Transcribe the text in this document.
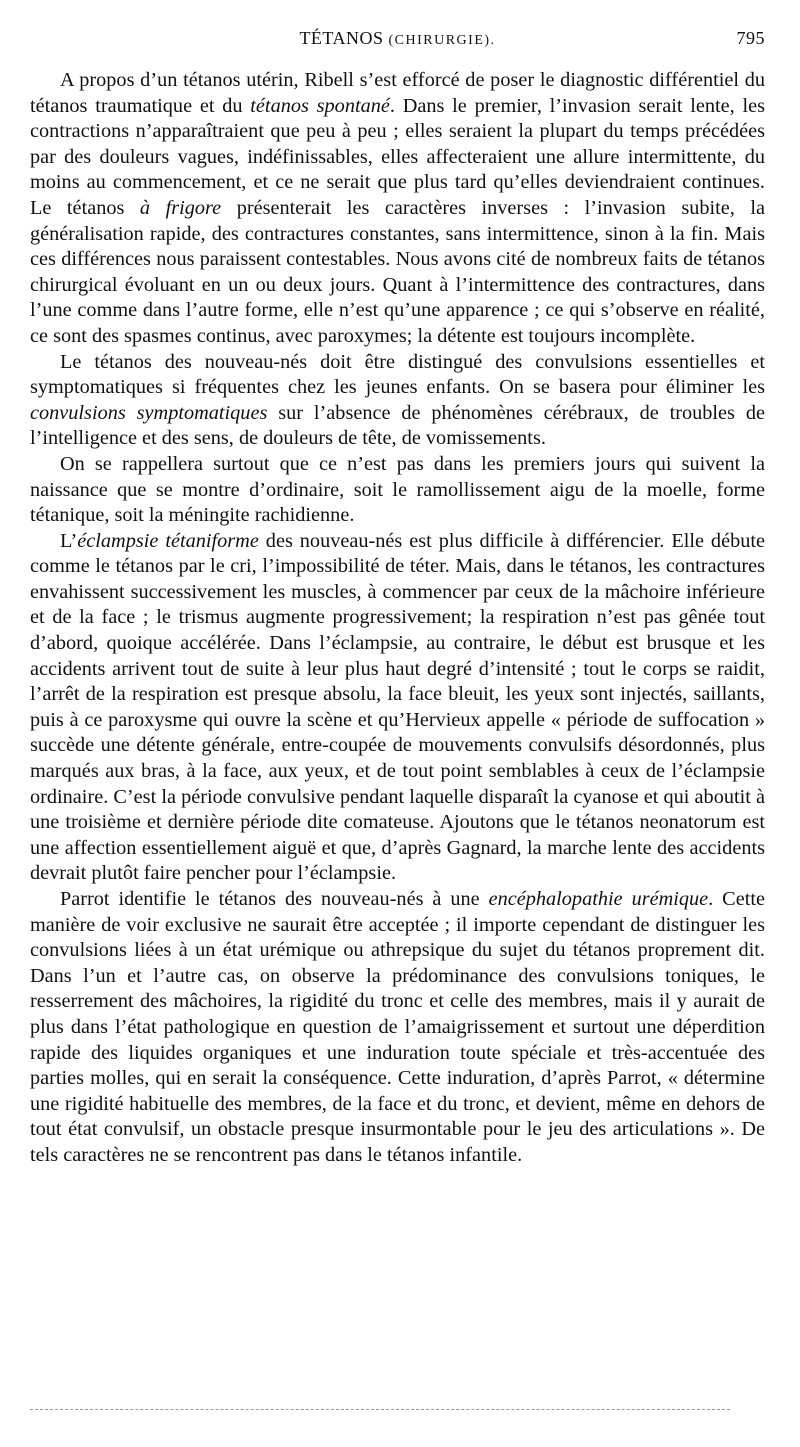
TÉTANOS (CHIRURGIE).	795

A propos d’un tétanos utérin, Ribell s’est efforcé de poser le diagnostic différentiel du tétanos traumatique et du tétanos spontané. Dans le premier, l’invasion serait lente, les contractions n’apparaîtraient que peu à peu ; elles seraient la plupart du temps précédées par des douleurs vagues, indéfinissables, elles affecteraient une allure intermittente, du moins au commencement, et ce ne serait que plus tard qu’elles deviendraient continues. Le tétanos à frigore présenterait les caractères inverses : l’invasion subite, la généralisation rapide, des contractures constantes, sans intermittence, sinon à la fin. Mais ces différences nous paraissent contestables. Nous avons cité de nombreux faits de tétanos chirurgical évoluant en un ou deux jours. Quant à l’intermittence des contractures, dans l’une comme dans l’autre forme, elle n’est qu’une apparence ; ce qui s’observe en réalité, ce sont des spasmes continus, avec paroxymes; la détente est toujours incomplète.

Le tétanos des nouveau-nés doit être distingué des convulsions essentielles et symptomatiques si fréquentes chez les jeunes enfants. On se basera pour éliminer les convulsions symptomatiques sur l’absence de phénomènes cérébraux, de troubles de l’intelligence et des sens, de douleurs de tête, de vomissements.

On se rappellera surtout que ce n’est pas dans les premiers jours qui suivent la naissance que se montre d’ordinaire, soit le ramollissement aigu de la moelle, forme tétanique, soit la méningite rachidienne.

L’éclampsie tétaniforme des nouveau-nés est plus difficile à différencier. Elle débute comme le tétanos par le cri, l’impossibilité de téter. Mais, dans le tétanos, les contractures envahissent successivement les muscles, à commencer par ceux de la mâchoire inférieure et de la face ; le trismus augmente progressivement; la respiration n’est pas gênée tout d’abord, quoique accélérée. Dans l’éclampsie, au contraire, le début est brusque et les accidents arrivent tout de suite à leur plus haut degré d’intensité ; tout le corps se raidit, l’arrêt de la respiration est presque absolu, la face bleuit, les yeux sont injectés, saillants, puis à ce paroxysme qui ouvre la scène et qu’Hervieux appelle « période de suffocation » succède une détente générale, entre-coupée de mouvements convulsifs désordonnés, plus marqués aux bras, à la face, aux yeux, et de tout point semblables à ceux de l’éclampsie ordinaire. C’est la période convulsive pendant laquelle disparaît la cyanose et qui aboutit à une troisième et dernière période dite comateuse. Ajoutons que le tétanos neonatorum est une affection essentiellement aiguë et que, d’après Gagnard, la marche lente des accidents devrait plutôt faire pencher pour l’éclampsie.

Parrot identifie le tétanos des nouveau-nés à une encéphalopathie urémique. Cette manière de voir exclusive ne saurait être acceptée ; il importe cependant de distinguer les convulsions liées à un état urémique ou athrepsique du sujet du tétanos proprement dit. Dans l’un et l’autre cas, on observe la prédominance des convulsions toniques, le resserrement des mâchoires, la rigidité du tronc et celle des membres, mais il y aurait de plus dans l’état pathologique en question de l’amaigrissement et surtout une déperdition rapide des liquides organiques et une induration toute spéciale et très-accentuée des parties molles, qui en serait la conséquence. Cette induration, d’après Parrot, « détermine une rigidité habituelle des membres, de la face et du tronc, et devient, même en dehors de tout état convulsif, un obstacle presque insurmontable pour le jeu des articulations ». De tels caractères ne se rencontrent pas dans le tétanos infantile.
